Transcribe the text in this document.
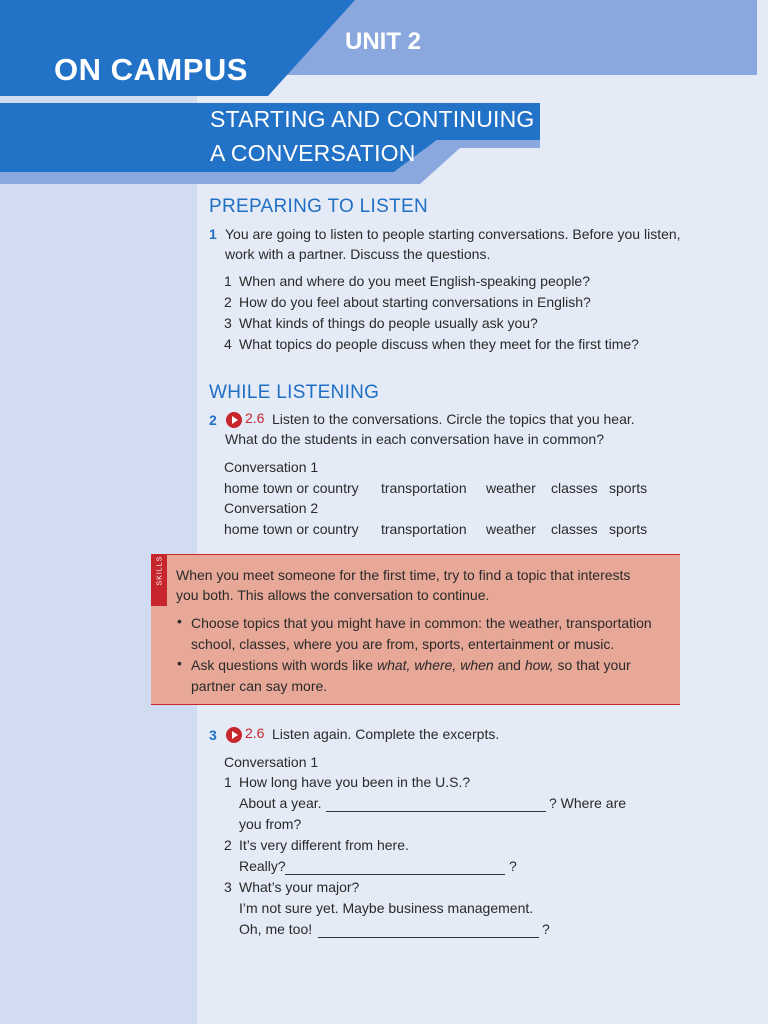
UNIT 2
ON CAMPUS
STARTING AND CONTINUING
A CONVERSATION
PREPARING TO LISTEN
1 You are going to listen to people starting conversations. Before you listen,
work with a partner. Discuss the questions.
1 When and where do you meet English-speaking people?
2 How do you feel about starting conversations in English?
3 What kinds of things do people usually ask you?
4 What topics do people discuss when they meet for the first time?
WHILE LISTENING
2 2.6 Listen to the conversations. Circle the topics that you hear.
What do the students in each conversation have in common?
Conversation 1
home town or country transportation weather classes sports
Conversation 2
home town or country transportation weather classes sports
SKILLS When you meet someone for the first time, try to find a topic that interests
you both. This allows the conversation to continue.
• Choose topics that you might have in common: the weather, transportation
school, classes, where you are from, sports, entertainment or music.
• Ask questions with words like what, where, when and how, so that your
partner can say more.
3 2.6 Listen again. Complete the excerpts.
Conversation 1
1 How long have you been in the U.S.?
About a year.	? Where are
you from?
2 It’s very different from here.
Really?	?
3 What’s your major?
I’m not sure yet. Maybe business management.
Oh, me too!	?
